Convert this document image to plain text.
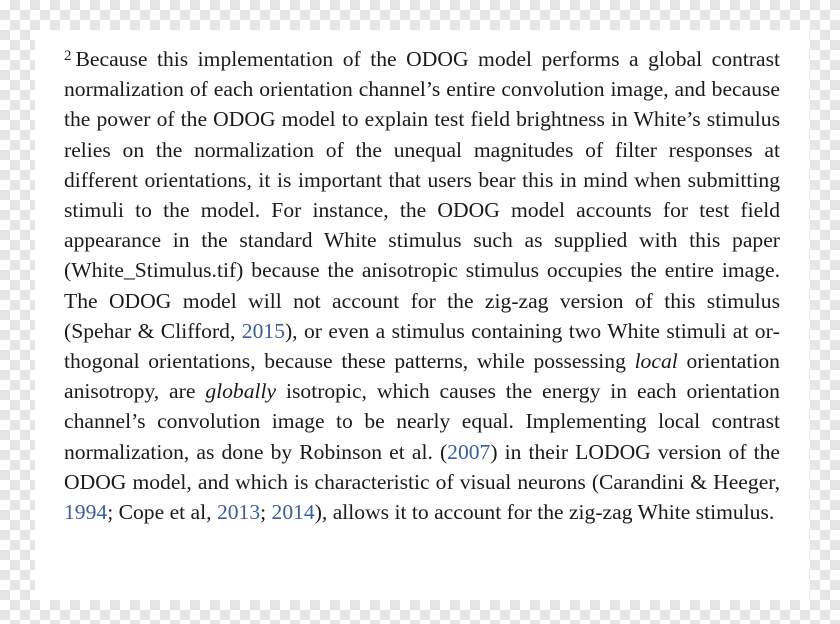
$^2$ Because this implementation of the ODOG model performs a global contrast normalization of each orientation channel’s entire convolution image, and because the power of the ODOG model to explain test field brightness in White’s stimulus relies on the normalization of the unequal magnitudes of filter responses at different orientations, it is important that users bear this in mind when submitting stimuli to the model. For instance, the ODOG model accounts for test field appearance in the standard White stimulus such as supplied with this paper (White_Stimulus.tif) because the anisotropic stimulus occupies the entire image. The ODOG model will not account for the zig-zag version of this stimulus (Spehar & Clifford, 2015), or even a stimulus containing two White stimuli at orthogonal orientations, because these patterns, while possessing local orientation anisotropy, are globally isotropic, which causes the energy in each orientation channel’s convolution image to be nearly equal. Implementing local contrast normalization, as done by Robinson et al. (2007) in their LODOG version of the ODOG model, and which is characteristic of visual neurons (Carandini & Heeger, 1994; Cope et al, 2013; 2014), allows it to account for the zig-zag White stimulus.
